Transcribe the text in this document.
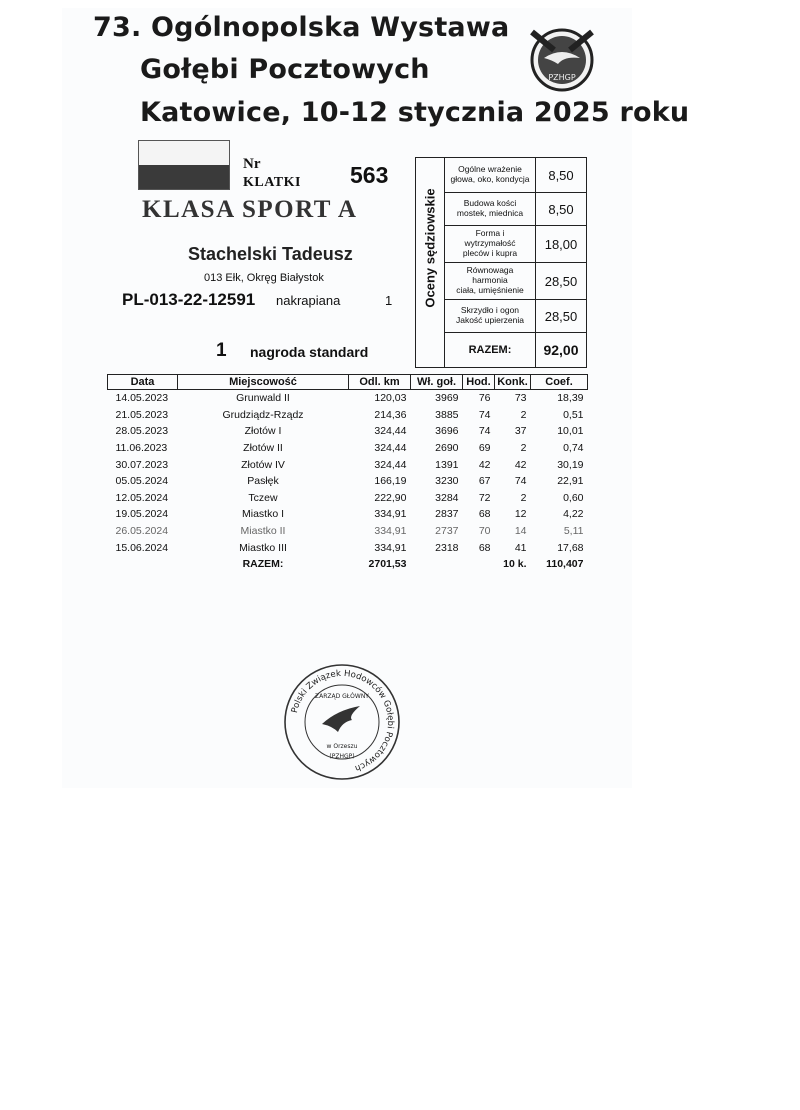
73. Ogólnopolska Wystawa
Gołębi Pocztowych
Katowice, 10-12 stycznia 2025 roku
PZHGP
Nr
KLATKI 563
KLASA SPORT A
Stachelski Tadeusz
013 Ełk, Okręg Białystok
PL-013-22-12591 nakrapiana	1
1 nagroda standard
Oceny sędziowskie
Ogólne wrażenie
głowa, oko, kondycja	8,50
Budowa kości
mostek, miednica	8,50
Forma i
wytrzymałość
pleców i kupra
18,00
Równowaga
harmonia
ciała, umięśnienie
28,50
Skrzydło i ogon
Jakość upierzenia	28,50
RAZEM:	92,00
Data	Miejscowość	Odl. km	Wł. goł.	Hod.	Konk.	Coef.
14.05.2023	Grunwald II	120,03	3969	76	73	18,39
21.05.2023	Grudziądz-Rządz	214,36	3885	74	2	0,51
28.05.2023	Złotów I	324,44	3696	74	37	10,01
11.06.2023	Złotów II	324,44	2690	69	2	0,74
30.07.2023	Złotów IV	324,44	1391	42	42	30,19
05.05.2024	Pasłęk	166,19	3230	67	74	22,91
12.05.2024	Tczew	222,90	3284	72	2	0,60
19.05.2024	Miastko I	334,91	2837	68	12	4,22
26.05.2024	Miastko II	334,91	2737	70	14	5,11
15.06.2024	Miastko III	334,91	2318	68	41	17,68
	RAZEM:	2701,53			10 k.	110,407
Polski Związek Hodowców Gołębi Pocztowych
ZARZĄD GŁÓWNY
w Orzeszu
(PZHGP)
